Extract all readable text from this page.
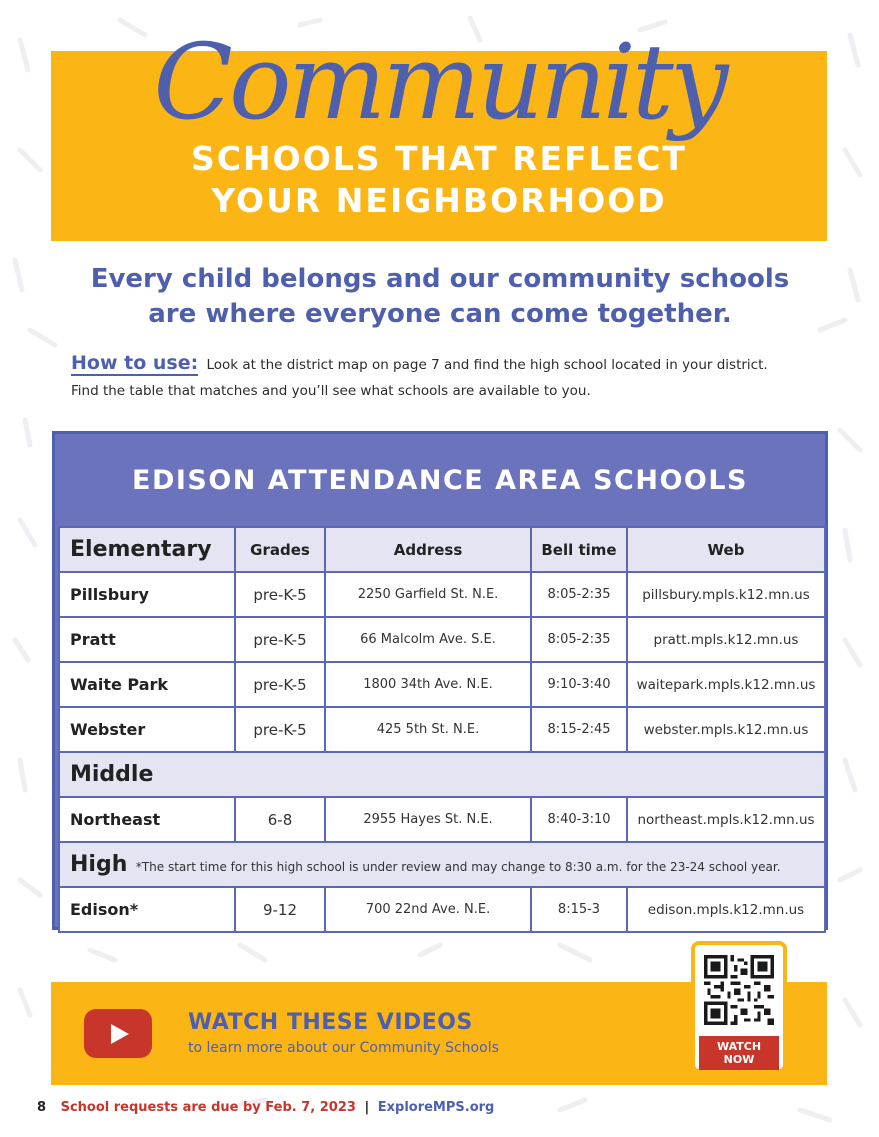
Community
SCHOOLS THAT REFLECT
YOUR NEIGHBORHOOD
Every child belongs and our community schools
are where everyone can come together.
How to use: Look at the district map on page 7 and find the high school located in your district.
Find the table that matches and you’ll see what schools are available to you.
EDISON ATTENDANCE AREA SCHOOLS
Elementary	Grades	Address	Bell time	Web
Pillsbury	pre-K-5	2250 Garfield St. N.E.	8:05-2:35	pillsbury.mpls.k12.mn.us
Pratt	pre-K-5	66 Malcolm Ave. S.E.	8:05-2:35	pratt.mpls.k12.mn.us
Waite Park	pre-K-5	1800 34th Ave. N.E.	9:10-3:40	waitepark.mpls.k12.mn.us
Webster	pre-K-5	425 5th St. N.E.	8:15-2:45	webster.mpls.k12.mn.us
Middle				
Northeast	6-8	2955 Hayes St. N.E.	8:40-3:10	northeast.mpls.k12.mn.us
High *The start time for this high school is under review and may change to 8:30 a.m. for the 23-24 school year.				
Edison*	9-12	700 22nd Ave. N.E.	8:15-3	edison.mpls.k12.mn.us
WATCH THESE VIDEOS
to learn more about our Community Schools	WATCH
NOW
8 School requests are due by Feb. 7, 2023 | ExploreMPS.org
